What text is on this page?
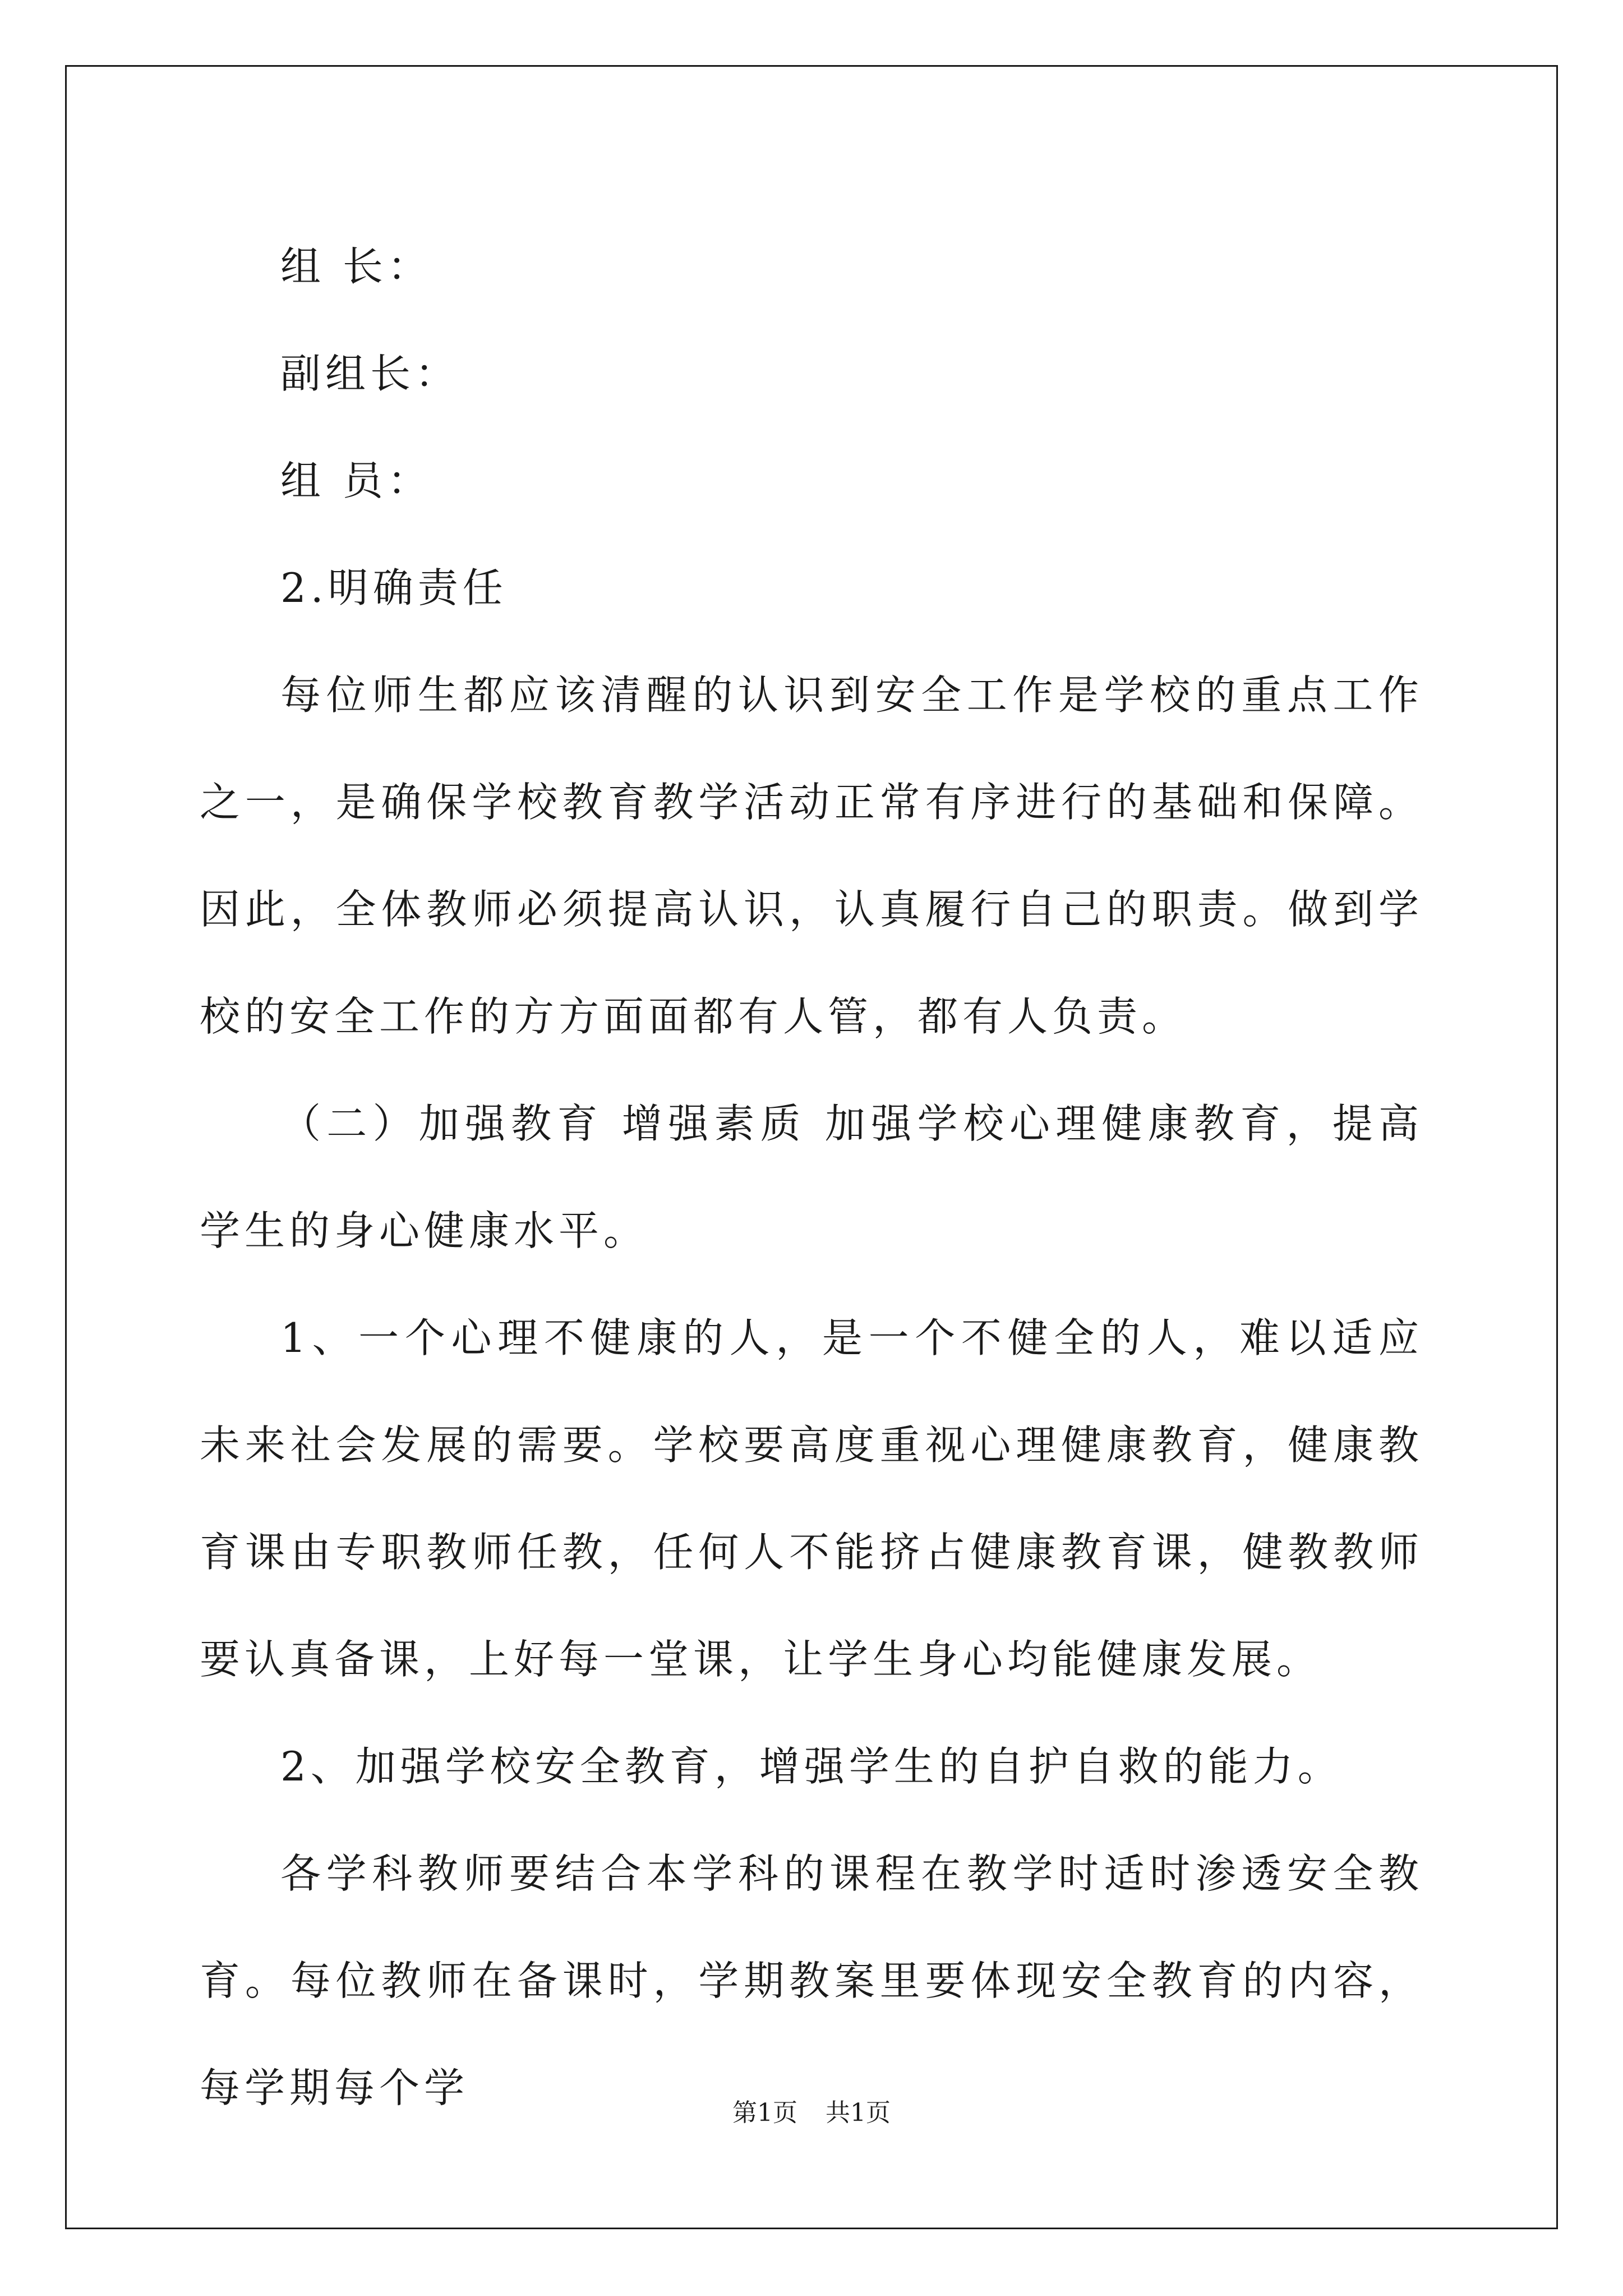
组 长：

副组长：

组 员：

2.明确责任

每位师生都应该清醒的认识到安全工作是学校的重点工作之一，是确保学校教育教学活动正常有序进行的基础和保障。因此，全体教师必须提高认识，认真履行自己的职责。做到学校的安全工作的方方面面都有人管，都有人负责。

（二）加强教育 增强素质 加强学校心理健康教育，提高学生的身心健康水平。

1、一个心理不健康的人，是一个不健全的人，难以适应未来社会发展的需要。学校要高度重视心理健康教育，健康教育课由专职教师任教，任何人不能挤占健康教育课，健教教师要认真备课，上好每一堂课，让学生身心均能健康发展。

2、加强学校安全教育，增强学生的自护自救的能力。

各学科教师要结合本学科的课程在教学时适时渗透安全教育。每位教师在备课时，学期教案里要体现安全教育的内容，每学期每个学

第1页 共1页
